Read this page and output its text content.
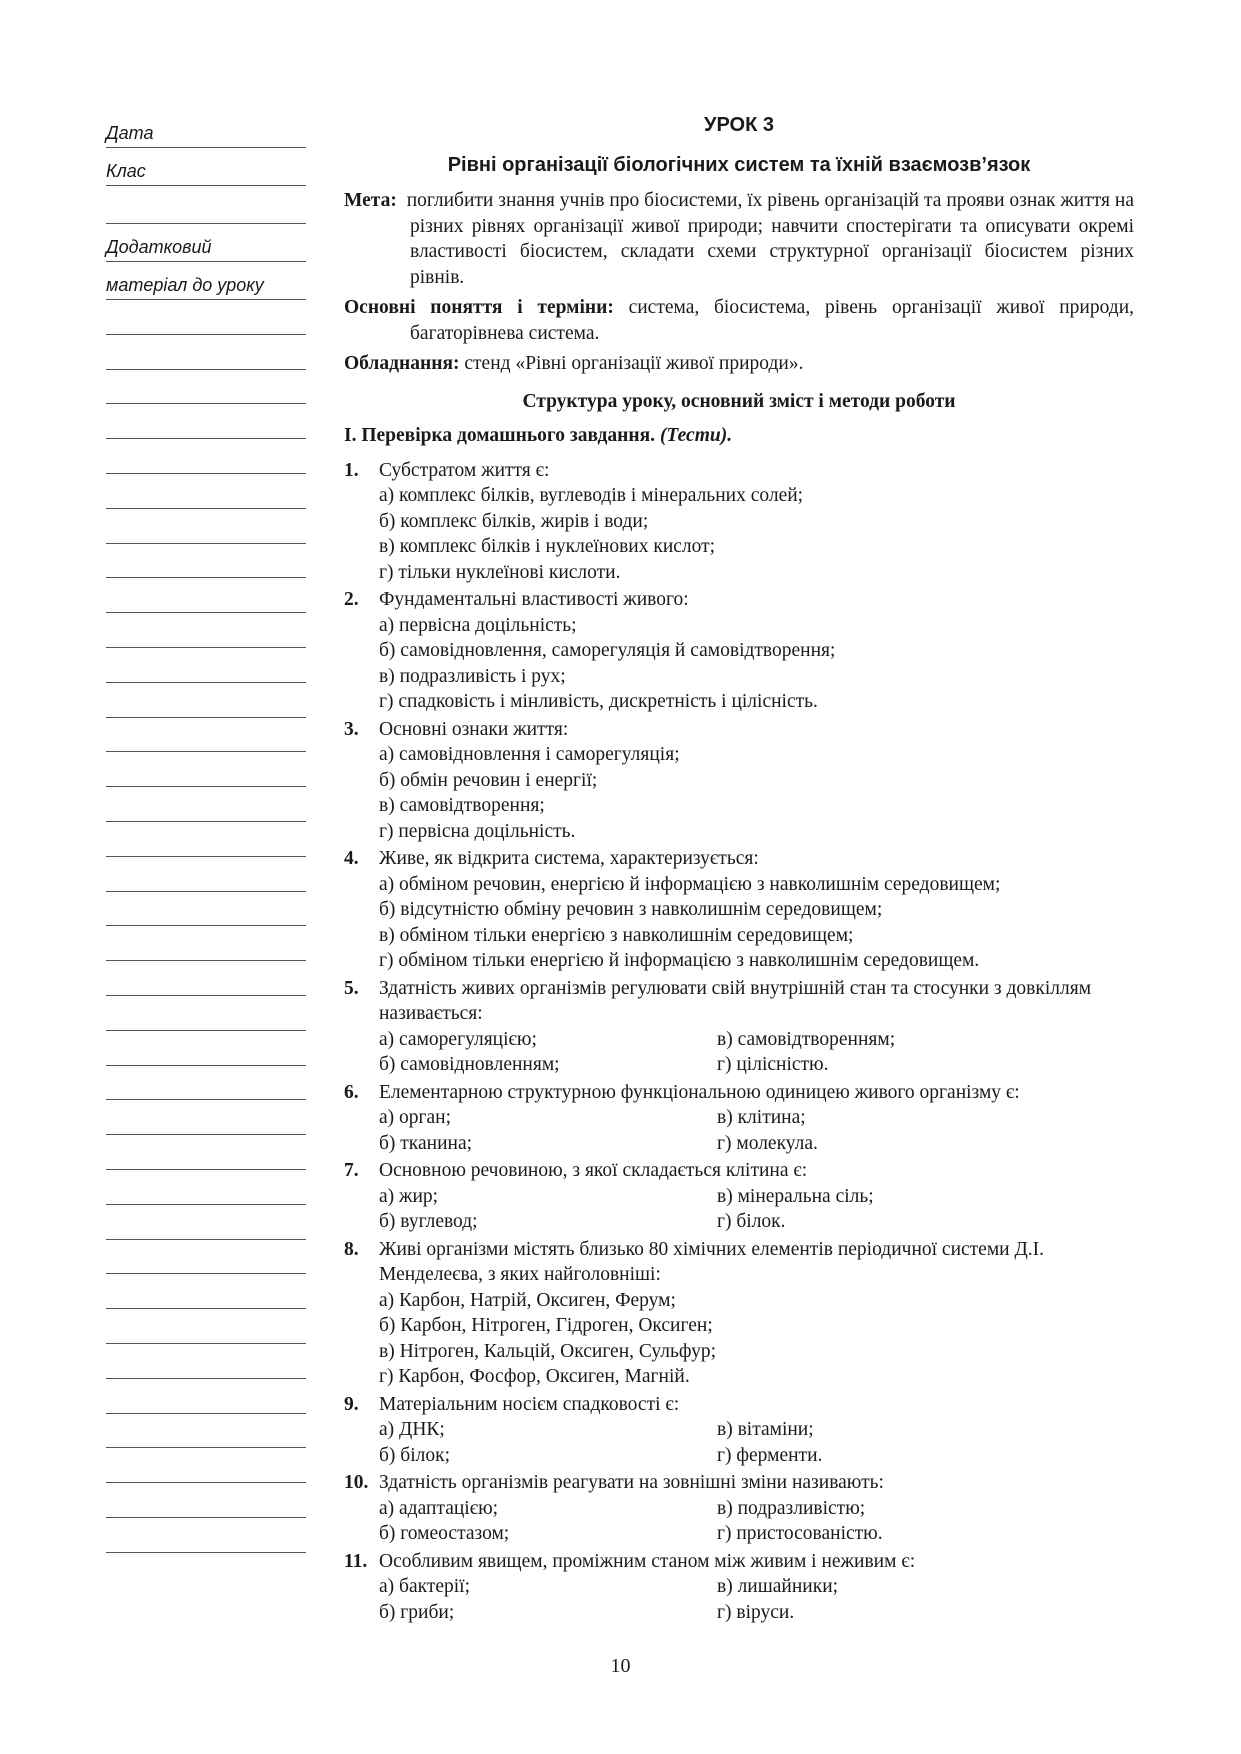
Дата
Клас
Додатковий
матеріал до уроку
УРОК 3
Рівні організації біологічних систем та їхній взаємозв’язок
Мета: поглибити знання учнів про біосистеми, їх рівень організацій та прояви ознак життя на різних рівнях організації живої природи; навчити спостерігати та описувати окремі властивості біосистем, складати схеми структурної організації біосистем різних рівнів.
Основні поняття і терміни: система, біосистема, рівень організації живої природи, багаторівнева система.
Обладнання: стенд «Рівні організації живої природи».
Структура уроку, основний зміст і методи роботи
І. Перевірка домашнього завдання. (Тести).
1.	Субстратом життя є:
а) комплекс білків, вуглеводів і мінеральних солей;
б) комплекс білків, жирів і води;
в) комплекс білків і нуклеїнових кислот;
г) тільки нуклеїнові кислоти.
2.	Фундаментальні властивості живого:
а) первісна доцільність;
б) самовідновлення, саморегуляція й самовідтворення;
в) подразливість і рух;
г) спадковість і мінливість, дискретність і цілісність.
3.	Основні ознаки життя:
а) самовідновлення і саморегуляція;
б) обмін речовин і енергії;
в) самовідтворення;
г) первісна доцільність.
4.	Живе, як відкрита система, характеризується:
а) обміном речовин, енергією й інформацією з навколишнім середовищем;
б) відсутністю обміну речовин з навколишнім середовищем;
в) обміном тільки енергією з навколишнім середовищем;
г) обміном тільки енергією й інформацією з навколишнім середовищем.
5.	Здатність живих організмів регулювати свій внутрішній стан та стосунки з довкіллям називається:
а) саморегуляцією;	в) самовідтворенням;
б) самовідновленням;	г) цілісністю.
6.	Елементарною структурною функціональною одиницею живого організму є:
а) орган;	в) клітина;
б) тканина;	г) молекула.
7.	Основною речовиною, з якої складається клітина є:
а) жир;	в) мінеральна сіль;
б) вуглевод;	г) білок.
8.	Живі організми містять близько 80 хімічних елементів періодичної системи Д.І. Менделеєва, з яких найголовніші:
а) Карбон, Натрій, Оксиген, Ферум;
б) Карбон, Нітроген, Гідроген, Оксиген;
в) Нітроген, Кальцій, Оксиген, Сульфур;
г) Карбон, Фосфор, Оксиген, Магній.
9.	Матеріальним носієм спадковості є:
а) ДНК;	в) вітаміни;
б) білок;	г) ферменти.
10. Здатність організмів реагувати на зовнішні зміни називають:
а) адаптацією;	в) подразливістю;
б) гомеостазом;	г) пристосованістю.
11. Особливим явищем, проміжним станом між живим і неживим є:
а) бактерії;	в) лишайники;
б) гриби;	г) віруси.
10
